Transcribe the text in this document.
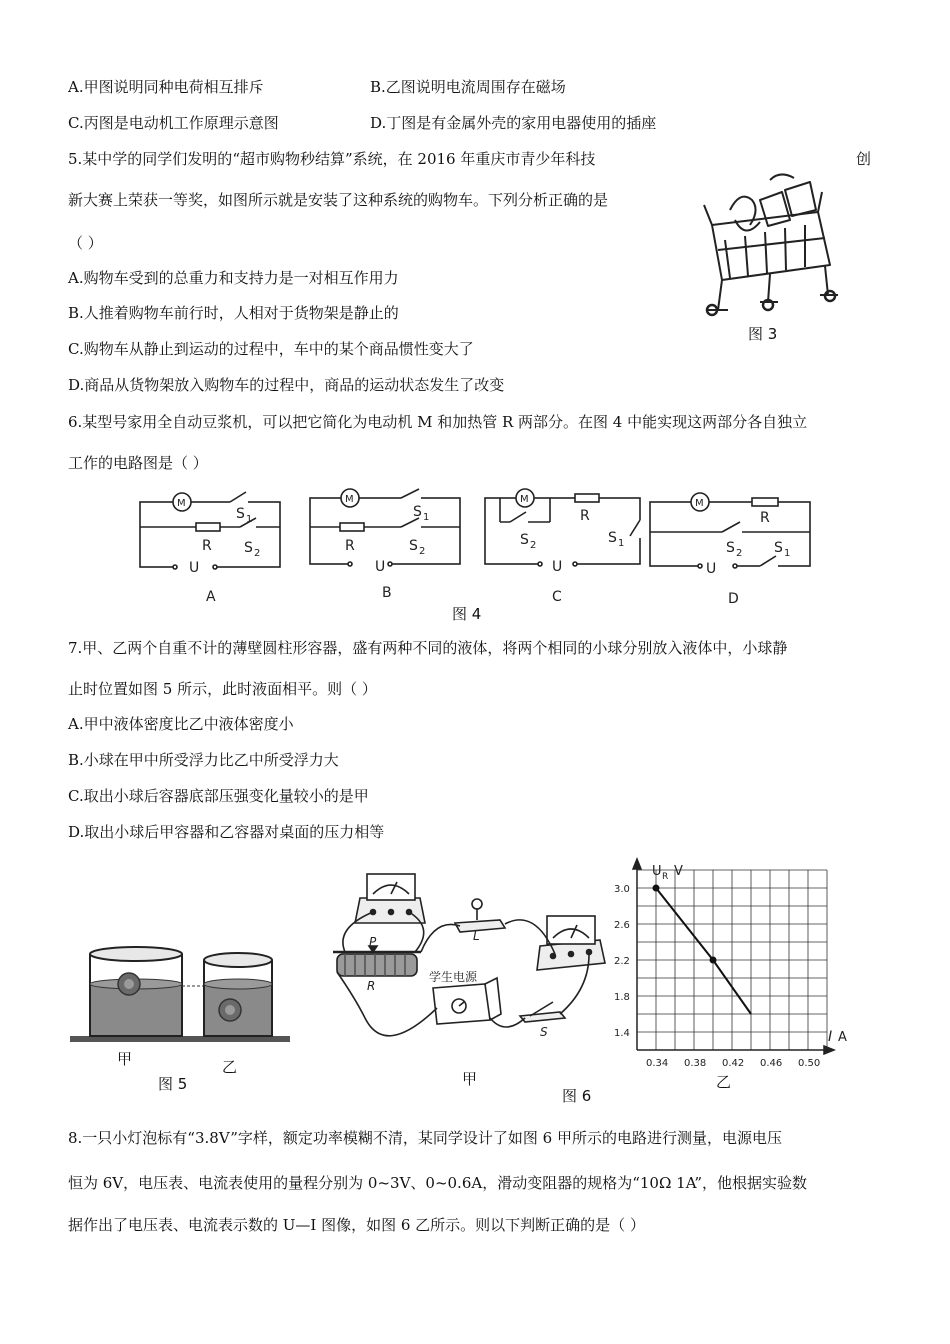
A.甲图说明同种电荷相互排斥	B.乙图说明电流周围存在磁场
C.丙图是电动机工作原理示意图	D.丁图是有金属外壳的家用电器使用的插座
5.某中学的同学们发明的“超市购物秒结算”系统，在 2016 年重庆市青少年科技	创
新大赛上荣获一等奖，如图所示就是安装了这种系统的购物车。下列分析正确的是
（ ）
A.购物车受到的总重力和支持力是一对相互作用力
B.人推着购物车前行时，人相对于货物架是静止的
C.购物车从静止到运动的过程中，车中的某个商品惯性变大了
D.商品从货物架放入购物车的过程中，商品的运动状态发生了改变
图 3
6.某型号家用全自动豆浆机，可以把它简化为电动机 M 和加热管 R 两部分。在图 4 中能实现这两部分各自独立
工作的电路图是（ ）
M
S 1
R S 2
U
A
M
S 1
R	S 2
U
B
M
R
S 2	S 1
U
C
M
R
S 2 S 1
U
D
图 4
7.甲、乙两个自重不计的薄壁圆柱形容器，盛有两种不同的液体，将两个相同的小球分别放入液体中，小球静
止时位置如图 5 所示，此时液面相平。则（ ）
A.甲中液体密度比乙中液体密度小
B.小球在甲中所受浮力比乙中所受浮力大
C.取出小球后容器底部压强变化量较小的是甲
D.取出小球后甲容器和乙容器对桌面的压力相等
甲	乙
图 5
P
R
L
S
学生电源
甲
图 6
0.34 0.38 0.42 0.46 0.50
1.4
1.8
2.2
2.6
3.0
U R V
I A
乙
8.一只小灯泡标有“3.8V”字样，额定功率模糊不清，某同学设计了如图 6 甲所示的电路进行测量，电源电压
恒为 6V，电压表、电流表使用的量程分别为 0~3V、0~0.6A，滑动变阻器的规格为“10Ω 1A”，他根据实验数
据作出了电压表、电流表示数的 U—I 图像，如图 6 乙所示。则以下判断正确的是（ ）
